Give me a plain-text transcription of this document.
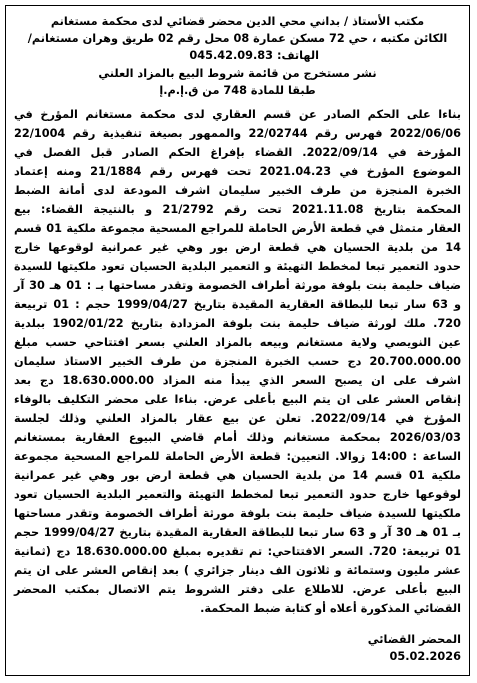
مكتب الأستاذ / بداني محي الدين محضر قضائي لدى محكمة مستغانم
الكائن مكتبه ، حي 72 مسكن عمارة 08 محل رقم 02 طريق وهران مستغانم/
الهاتف: 045.42.09.83
نشر مستخرج من قائمة شروط البيع بالمزاد العلني
طبقا للمادة 748 من ق.إ.م.إ
بناءا على الحكم الصادر عن قسم العقاري لدى محكمة مستغانم المؤرخ في
2022/06/06 فهرس رقم 22/02744 والممهور بصيغة تنفيذية رقم 22/1004
المؤرخة في 2022/09/14. القضاء بإفراغ الحكم الصادر قبل الفصل في
الموضوع المؤرخ في 2021.04.23 تحت فهرس رقم 21/1884 ومنه إعتماد
الخبرة المنجزة من طرف الخبير سليمان اشرف المودعة لدى أمانة الضبط
المحكمة بتاريخ 2021.11.08 تحت رقم 21/2792 و بالنتيجة القضاء: بيع
العقار متمثل في قطعة الأرض الحاملة للمراجع المسحية مجموعة ملكية 01 قسم
14 من بلدية الحسيان هي قطعة ارض بور وهي غير عمرانية لوقوعها خارج
حدود التعمير تبعا لمخطط التهيئة و التعمير البلدية الحسيان تعود ملكيتها للسيدة
ضياف حليمة بنت بلوفة مورثة أطراف الخصومة وتقدر مساحتها بـ : 01 هـ 30 آر
و 63 سار تبعا للبطاقة العقارية المقيدة بتاريخ 1999/04/27 حجم : 01 تربيعة
720. ملك لورثة ضياف حليمة بنت بلوفة المزدادة بتاريخ 1902/01/22 ببلدية
عين النويصي ولاية مستغانم وبيعه بالمزاد العلني بسعر افتتاحي حسب مبلغ
20.700.000.00 دج حسب الخبرة المنجزة من طرف الخبير الاستاذ سليمان
اشرف على ان يصبح السعر الذي يبدأ منه المزاد 18.630.000.00 دج بعد
إنقاص العشر على ان يتم البيع بأعلى عرض. بناءا على محضر التكليف بالوفاء
المؤرخ في 2022/09/14. تعلن عن بيع عقار بالمزاد العلني وذلك لجلسة
2026/03/03 بمحكمة مستغانم وذلك أمام قاضي البيوع العقارية بمستغانم
الساعة : 14:00 زوالا. التعيين: قطعة الأرض الحاملة للمراجع المسحية مجموعة
ملكية 01 قسم 14 من بلدية الحسيان هي قطعة ارض بور وهي غير عمرانية
لوقوعها خارج حدود التعمير تبعا لمخطط التهيئة والتعمير البلدية الحسيان تعود
ملكيتها للسيدة ضياف حليمة بنت بلوفة مورثة أطراف الخصومة وتقدر مساحتها
بـ 01 هـ 30 آر و 63 سار تبعا للبطاقة العقارية المقيدة بتاريخ 1999/04/27 حجم
01 تربيعة: 720. السعر الافتتاحي: تم تقديره بمبلغ 18.630.000.00 دج (ثمانية
عشر مليون وستمائة و ثلاثون الف دينار جزائري ) بعد إنقاص العشر على ان يتم
البيع بأعلى عرض. للاطلاع على دفتر الشروط يتم الاتصال بمكتب المحضر
القضائي المذكورة أعلاه أو كتابة ضبط المحكمة.
المحضر القضائي
05.02.2026
